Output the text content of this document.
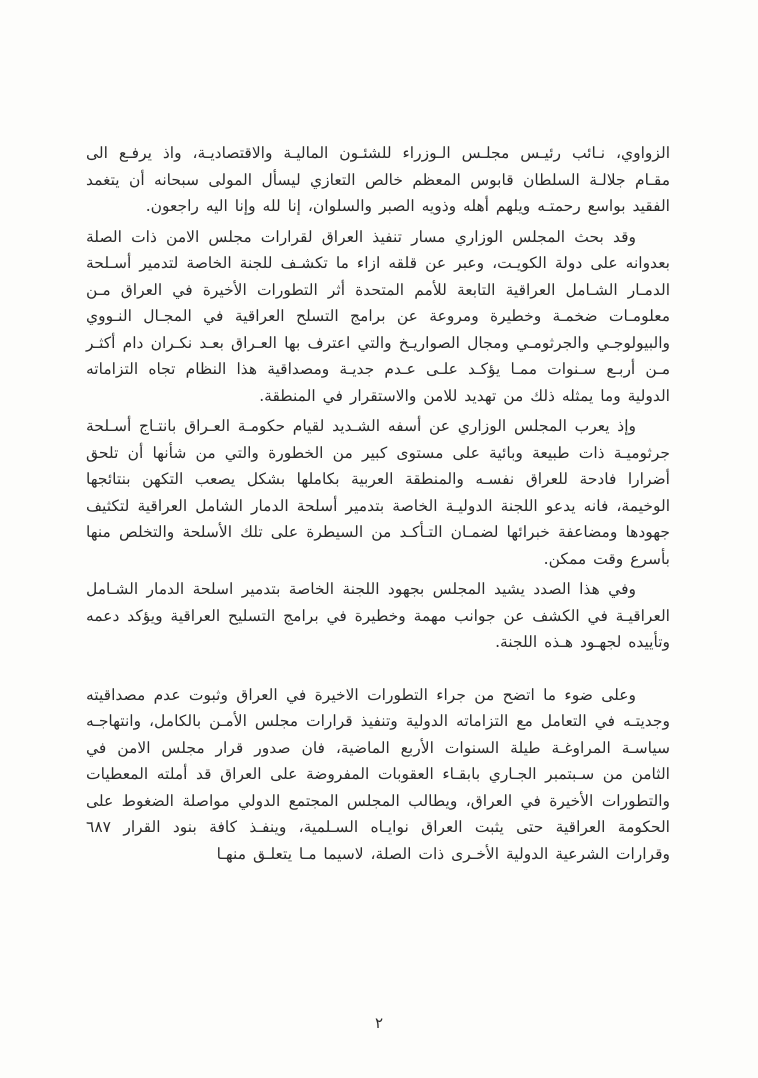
الزواوي، نـائب رئيـس مجلـس الـوزراء للشئـون الماليـة والاقتصاديـة، واذ يرفـع الى مقـام جلالـة السلطان قابوس المعظم خالص التعازي ليسأل المولى سبحانه أن يتغمد الفقيد بواسع رحمتـه ويلهم أهله وذويه الصبر والسلوان، إنا لله وإنا اليه راجعون.

وقد بحث المجلس الوزاري مسار تنفيذ العراق لقرارات مجلس الامن ذات الصلة بعدوانه على دولة الكويـت، وعبر عن قلقه ازاء ما تكشـف للجنة الخاصة لتدمير أسـلحة الدمـار الشـامل العراقية التابعة للأمم المتحدة أثر التطورات الأخيرة في العراق مـن معلومـات ضخمـة وخطيرة ومروعة عن برامج التسلح العراقية في المجـال النـووي والبيولوجـي والجرثومـي ومجال الصواريـخ والتي اعترف بها العـراق بعـد نكـران دام أكثـر مـن أربـع سـنوات ممـا يؤكـد علـى عـدم جديـة ومصداقية هذا النظام تجاه التزاماته الدولية وما يمثله ذلك من تهديد للامن والاستقرار في المنطقة.

وإذ يعرب المجلس الوزاري عن أسفه الشـديد لقيام حكومـة العـراق بانتـاج أسـلحة جرثوميـة ذات طبيعة وبائية على مستوى كبير من الخطورة والتي من شأنها أن تلحق أضرارا فادحة للعراق نفسـه والمنطقة العربية بكاملها بشكل يصعب التكهن بنتائجها الوخيمة، فانه يدعو اللجنة الدوليـة الخاصة بتدمير أسلحة الدمار الشامل العراقية لتكثيف جهودها ومضاعفة خبرائها لضمـان التـأكـد من السيطرة على تلك الأسلحة والتخلص منها بأسرع وقت ممكن.

وفي هذا الصدد يشيد المجلس بجهود اللجنة الخاصة بتدمير اسلحة الدمار الشـامل العراقيـة في الكشف عن جوانب مهمة وخطيرة في برامج التسليح العراقية ويؤكد دعمه وتأييده لجهـود هـذه اللجنة.

وعلى ضوء ما اتضح من جراء التطورات الاخيرة في العراق وثبوت عدم مصداقيته وجديتـه في التعامل مع التزاماته الدولية وتنفيذ قرارات مجلس الأمـن بالكامل، وانتهاجـه سياسـة المراوغـة طيلة السنوات الأربع الماضية، فان صدور قرار مجلس الامن في الثامن من سـبتمبر الجـاري بابقـاء العقوبات المفروضة على العراق قد أملته المعطيات والتطورات الأخيرة في العراق، ويطالب المجلس المجتمع الدولي مواصلة الضغوط على الحكومة العراقية حتى يثبت العراق نوايـاه السـلمية، وينفـذ كافة بنود القرار ٦٨٧ وقرارات الشرعية الدولية الأخـرى ذات الصلة، لاسيما مـا يتعلـق منهـا

٢
